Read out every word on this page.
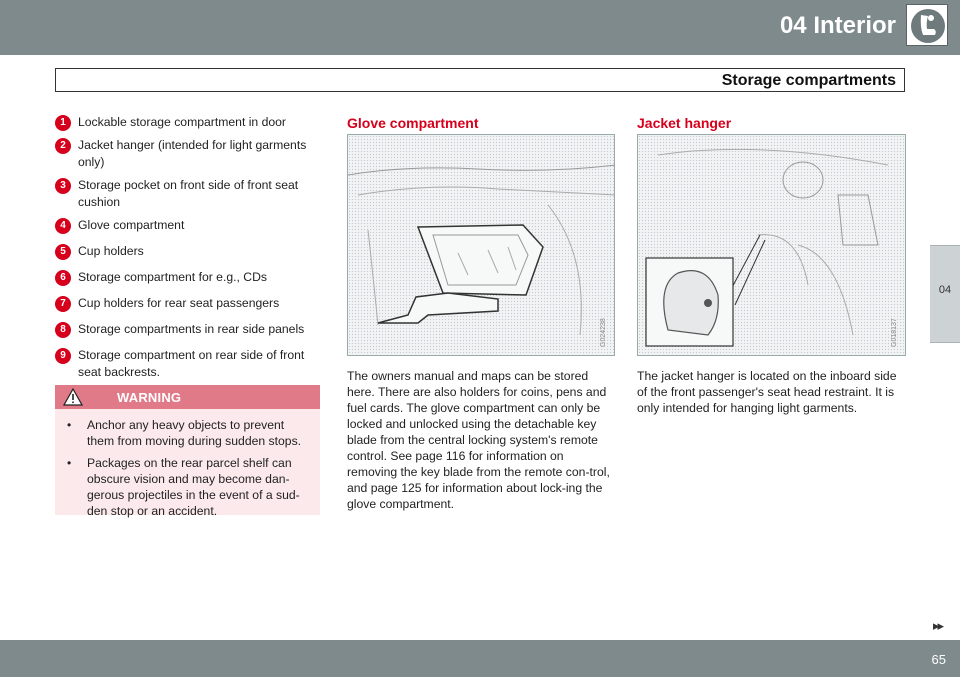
04 Interior
Storage compartments
04
1	Lockable storage compartment in door
2	Jacket hanger (intended for light garments only)
3	Storage pocket on front side of front seat cushion
4	Glove compartment
5	Cup holders
6	Storage compartment for e.g., CDs
7	Cup holders for rear seat passengers
8	Storage compartments in rear side panels
9	Storage compartment on rear side of front seat backrests.
WARNING
•	Anchor any heavy objects to prevent them from moving during sudden stops.
•	Packages on the rear parcel shelf can obscure vision and may become dan-gerous projectiles in the event of a sud-den stop or an accident.
Glove compartment
G024238
The owners manual and maps can be stored here. There are also holders for coins, pens and fuel cards. The glove compartment can only be locked and unlocked using the detachable key blade from the central locking system's remote control. See page 116 for information on removing the key blade from the remote con-trol, and page 125 for information about lock-ing the glove compartment.
Jacket hanger
G018137
The jacket hanger is located on the inboard side of the front passenger's seat head restraint. It is only intended for hanging light garments.
▸▸
65
